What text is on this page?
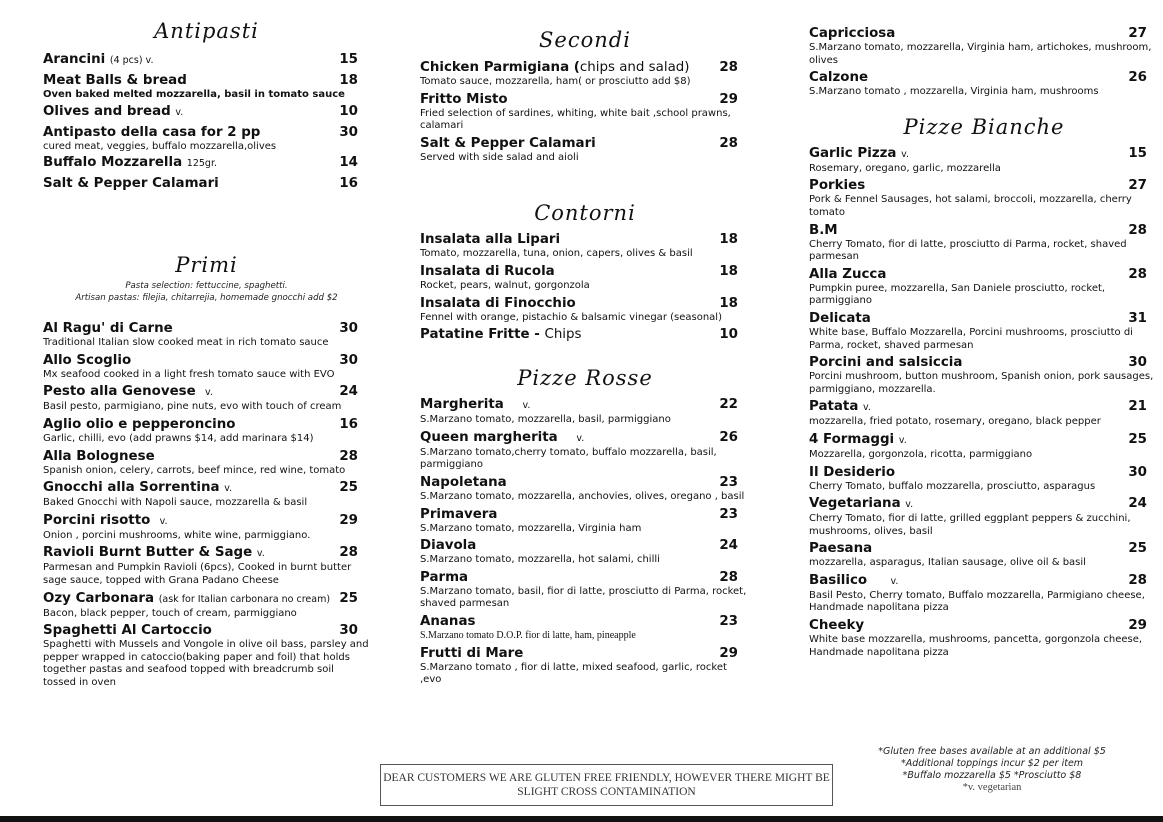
Antipasti
Arancini (4 pcs) v.	15
Meat Balls & bread	18
Oven baked melted mozzarella, basil in tomato sauce
Olives and bread v.	10
Antipasto della casa for 2 pp	30
cured meat, veggies, buffalo mozzarella,olives
Buffalo Mozzarella 125gr.	14
Salt & Pepper Calamari	16
Primi
Pasta selection: fettuccine, spaghetti.
Artisan pastas: filejia, chitarrejia, homemade gnocchi add $2
Al Ragu' di Carne	30
Traditional Italian slow cooked meat in rich tomato sauce
Allo Scoglio	30
Mx seafood cooked in a light fresh tomato sauce with EVO
Pesto alla Genovese v.	24
Basil pesto, parmigiano, pine nuts, evo with touch of cream
Aglio olio e pepperoncino	16
Garlic, chilli, evo (add prawns $14, add marinara $14)
Alla Bolognese	28
Spanish onion, celery, carrots, beef mince, red wine, tomato
Gnocchi alla Sorrentina v.	25
Baked Gnocchi with Napoli sauce, mozzarella & basil
Porcini risotto v.	29
Onion , porcini mushrooms, white wine, parmiggiano.
Ravioli Burnt Butter & Sage v.	28
Parmesan and Pumpkin Ravioli (6pcs), Cooked in burnt butter sage sauce, topped with Grana Padano Cheese
Ozy Carbonara (ask for Italian carbonara no cream) 25
Bacon, black pepper, touch of cream, parmiggiano
Spaghetti Al Cartoccio	30
Spaghetti with Mussels and Vongole in olive oil bass, parsley and pepper wrapped in catoccio(baking paper and foil) that holds together pastas and seafood topped with breadcrumb soil tossed in oven
Secondi
Chicken Parmigiana (chips and salad) 28
Tomato sauce, mozzarella, ham( or prosciutto add $8)
Fritto Misto	29
Fried selection of sardines, whiting, white bait ,school prawns, calamari
Salt & Pepper Calamari	28
Served with side salad and aioli
Contorni
Insalata alla Lipari	18
Tomato, mozzarella, tuna, onion, capers, olives & basil
Insalata di Rucola	18
Rocket, pears, walnut, gorgonzola
Insalata di Finocchio	18
Fennel with orange, pistachio & balsamic vinegar (seasonal)
Patatine Fritte - Chips	10
Pizze Rosse
Margherita v.	22
S.Marzano tomato, mozzarella, basil, parmiggiano
Queen margherita v.	26
S.Marzano tomato,cherry tomato, buffalo mozzarella, basil, parmiggiano
Napoletana	23
S.Marzano tomato, mozzarella, anchovies, olives, oregano , basil
Primavera	23
S.Marzano tomato, mozzarella, Virginia ham
Diavola	24
S.Marzano tomato, mozzarella, hot salami, chilli
Parma	28
S.Marzano tomato, basil, fior di latte, prosciutto di Parma, rocket, shaved parmesan
Ananas	23
S.Marzano tomato D.O.P. fior di latte, ham, pineapple
Frutti di Mare	29
S.Marzano tomato , fior di latte, mixed seafood, garlic, rocket ,evo
Capricciosa	27
S.Marzano tomato, mozzarella, Virginia ham, artichokes, mushroom, olives
Calzone	26
S.Marzano tomato , mozzarella, Virginia ham, mushrooms
Pizze Bianche
Garlic Pizza v.	15
Rosemary, oregano, garlic, mozzarella
Porkies	27
Pork & Fennel Sausages, hot salami, broccoli, mozzarella, cherry tomato
B.M	28
Cherry Tomato, fior di latte, prosciutto di Parma, rocket, shaved parmesan
Alla Zucca	28
Pumpkin puree, mozzarella, San Daniele prosciutto, rocket, parmiggiano
Delicata	31
White base, Buffalo Mozzarella, Porcini mushrooms, prosciutto di Parma, rocket, shaved parmesan
Porcini and salsiccia	30
Porcini mushroom, button mushroom, Spanish onion, pork sausages, parmiggiano, mozzarella.
Patata v.	21
mozzarella, fried potato, rosemary, oregano, black pepper
4 Formaggi v.	25
Mozzarella, gorgonzola, ricotta, parmiggiano
Il Desiderio	30
Cherry Tomato, buffalo mozzarella, prosciutto, asparagus
Vegetariana v.	24
Cherry Tomato, fior di latte, grilled eggplant peppers & zucchini, mushrooms, olives, basil
Paesana	25
mozzarella, asparagus, Italian sausage, olive oil & basil
Basilico v.	28
Basil Pesto, Cherry tomato, Buffalo mozzarella, Parmigiano cheese, Handmade napolitana pizza
Cheeky	29
White base mozzarella, mushrooms, pancetta, gorgonzola cheese, Handmade napolitana pizza
*Gluten free bases available at an additional $5
*Additional toppings incur $2 per item
*Buffalo mozzarella $5 *Prosciutto $8
*v. vegetarian
DEAR CUSTOMERS WE ARE GLUTEN FREE FRIENDLY, HOWEVER THERE MIGHT BE SLIGHT CROSS CONTAMINATION
